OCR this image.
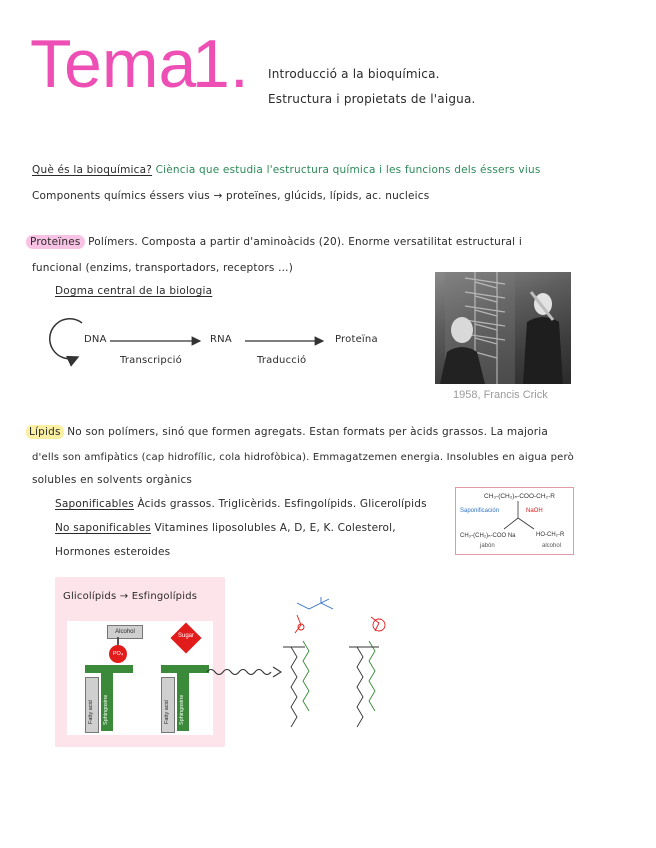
Tema
1. Introducció a la bioquímica.
Estructura i propietats de l'aigua.
Què és la bioquímica? Ciència que estudia l'estructura química i les funcions dels éssers vius
Components químics éssers vius → proteïnes, glúcids, lípids, ac. nucleics
Proteïnes Polímers. Composta a partir d'aminoàcids (20). Enorme versatilitat estructural i
funcional (enzims, transportadors, receptors ...)
Dogma central de la biologia
DNA	RNA	Proteïna
Transcripció	Traducció
1958, Francis Crick
Lípids No son polímers, sinó que formen agregats. Estan formats per àcids grassos. La majoria
d'ells son amfipàtics (cap hidrofílic, cola hidrofòbica). Emmagatzemen energia. Insolubles en aigua però
solubles en solvents orgànics
Saponificables Àcids grassos. Triglicèrids. Esfingolípids. Glicerolípids
No saponificables Vitamines liposolubles A, D, E, K. Colesterol,
Hormones esteroides
CH₃-(CH₂)ₙ-COO-CH₂-R
Saponificación	NaOH
CH₃-(CH₂)ₙ-COO Na
jabón
HO-CH₂-R
alcohol
Glicolípids → Esfingolípids
Alcohol
PO₄
Fatty acid Sphingosine
Sugar
Fatty acid Sphingosine
